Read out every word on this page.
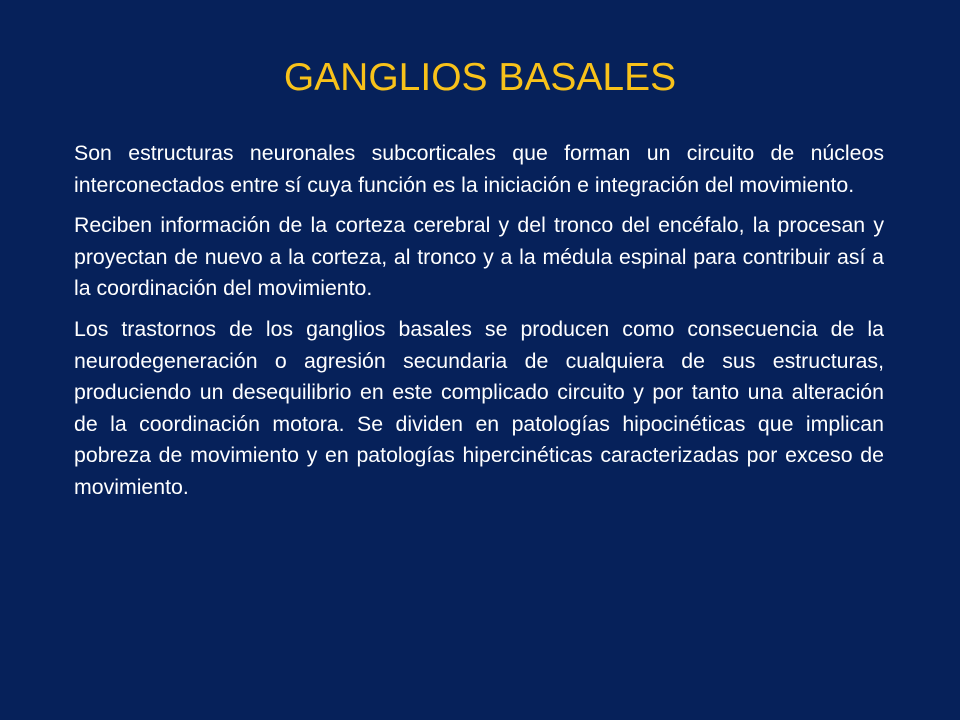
GANGLIOS BASALES

Son estructuras neuronales subcorticales que forman un circuito de núcleos interconectados entre sí cuya función es la iniciación e integración del movimiento.

Reciben información de la corteza cerebral y del tronco del encéfalo, la procesan y proyectan de nuevo a la corteza, al tronco y a la médula espinal para contribuir así a la coordinación del movimiento.

Los trastornos de los ganglios basales se producen como consecuencia de la neurodegeneración o agresión secundaria de cualquiera de sus estructuras, produciendo un desequilibrio en este complicado circuito y por tanto una alteración de la coordinación motora. Se dividen en patologías hipocinéticas que implican pobreza de movimiento y en patologías hipercinéticas caracterizadas por exceso de movimiento.
